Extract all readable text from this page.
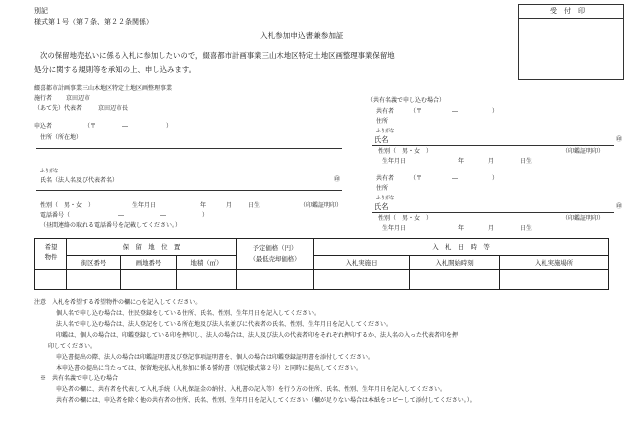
別記
様式第１号（第７条、第２２条関係）
入札参加申込書兼参加証
受　付　印
次の保留地売払いに係る入札に参加したいので，綴喜都市計画事業三山木地区特定土地区画整理事業保留地
処分に関する規則等を承知の上、申し込みます。
綴喜都市計画事業三山木地区特定土地区画整理事業
施行者 京田辺市
（あて先）代表者	京田辺市長
申込者	（〒	―	）
住所（所在地）
ふりがな
氏名（法人名及び代表者名）	㊞
性別（　男・女　）	生年月日	年	月	日生	（印鑑証明印）
電話番号（	―	―	）
（昼間連絡の取れる電話番号を記載してください。）
（共有名義で申し込む場合）
共有者	（〒	―	）
住所
ふりがな
氏名	㊞
性別（　男・女　）	（印鑑証明印）
生年月日	年	月	日生
共有者	（〒	―	）
住所
ふりがな
氏名	㊞
性別（　男・女　）	（印鑑証明印）
生年月日	年	月	日生
希望
物件
保　留　地　位　置
街区番号	画地番号	地積（㎡）
予定価格（円）
（最低売却価格）
入　札　日　時　等
入札実施日	入札開始時刻	入札実施場所
注意　入札を希望する希望物件の欄に○を記入してください。
個人名で申し込む場合は、住民登録をしている住所、氏名、性別、生年月日を記入してください。
法人名で申し込む場合は、法人登記をしている所在地及び法人名並びに代表者の氏名、性別、生年月日を記入してください。
印鑑は、個人の場合は、印鑑登録している印を押印し、法人の場合は、法人及び法人の代表者印をそれぞれ押印するか、法人名の入った代表者印を押
印してください。
申込書提出の際、法人の場合は印鑑証明書及び登記事項証明書を、個人の場合は印鑑登録証明書を添付してください。
本申込書の提出に当たっては、保留地売払入札参加に係る誓約書（別記様式第２号）と同時に提出してください。
※　共有名義で申し込む場合
申込者の欄に、共有者を代表して入札手続（入札保証金の納付、入札書の記入等）を行う方の住所、氏名、性別、生年月日を記入してください。
共有者の欄には、申込者を除く他の共有者の住所、氏名、性別、生年月日を記入してください（欄が足りない場合は本紙をコピーして添付してください。）。
